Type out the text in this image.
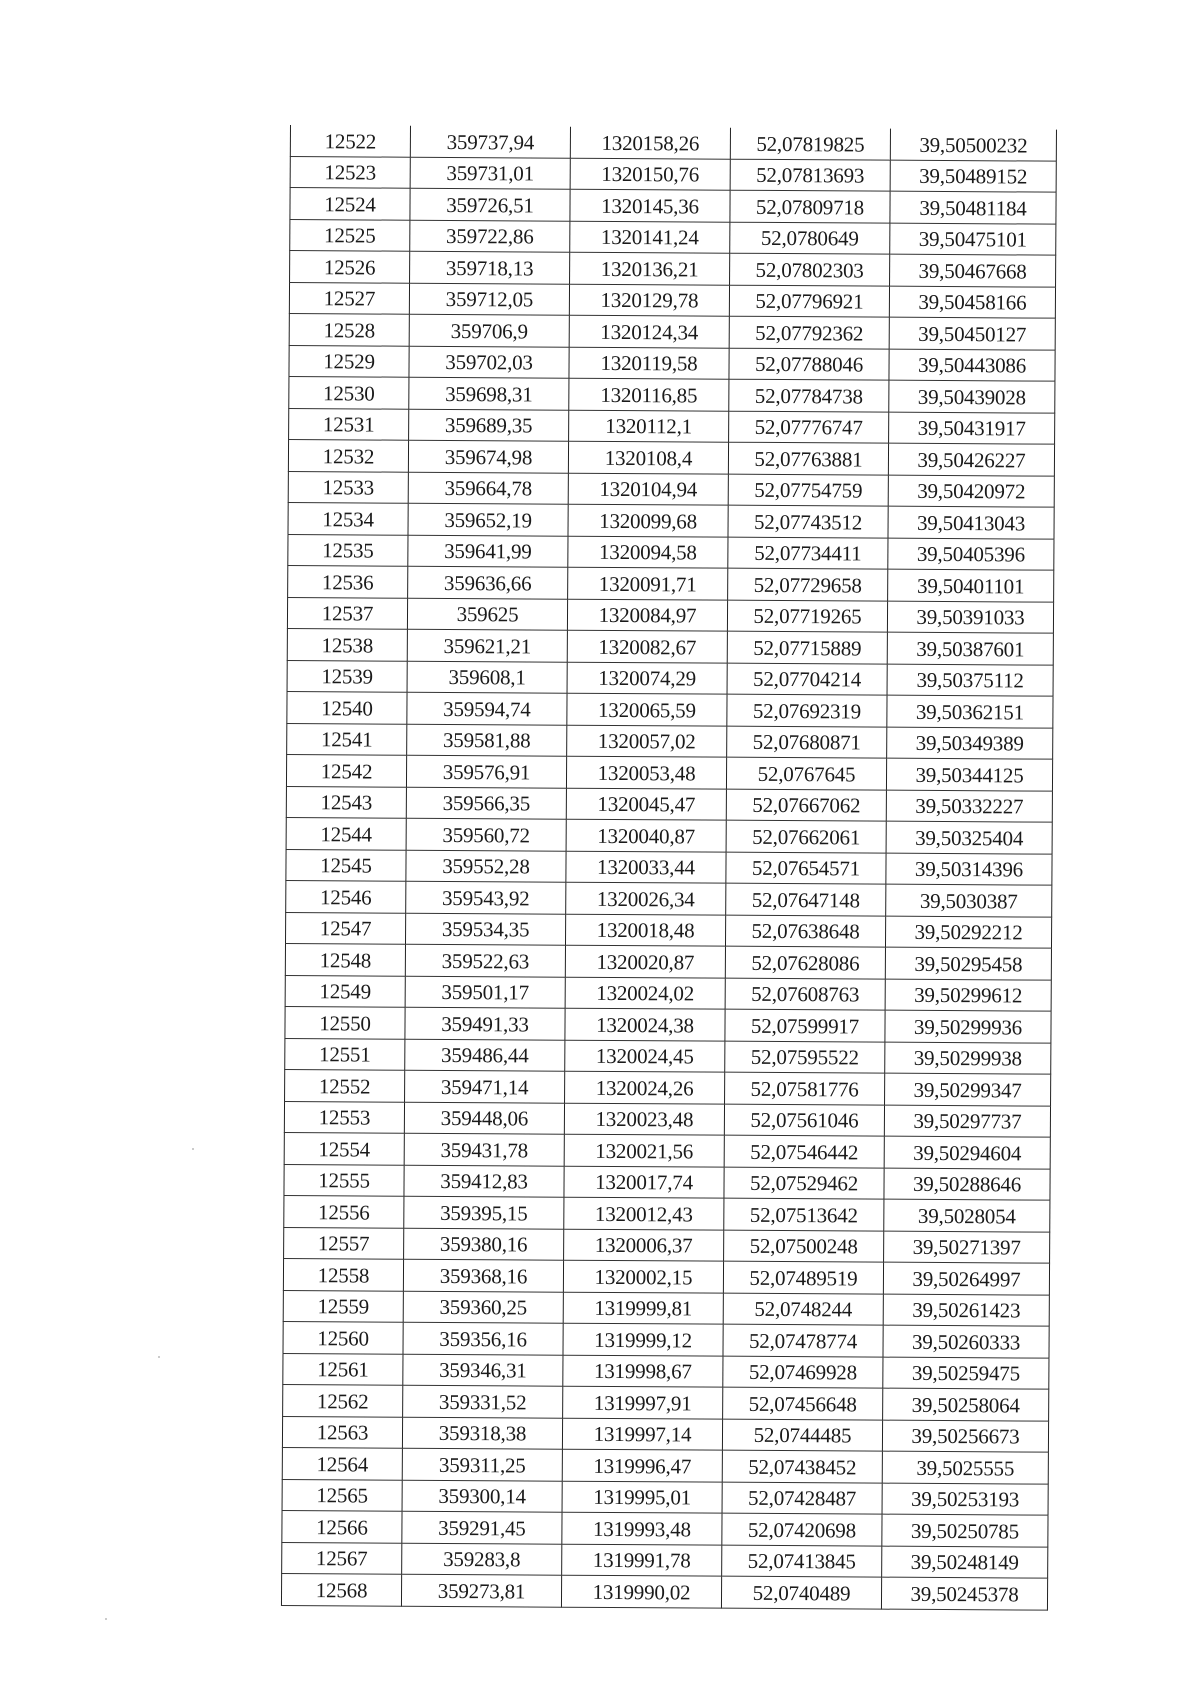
12522	359737,94	1320158,26	52,07819825	39,50500232
12523	359731,01	1320150,76	52,07813693	39,50489152
12524	359726,51	1320145,36	52,07809718	39,50481184
12525	359722,86	1320141,24	52,0780649	39,50475101
12526	359718,13	1320136,21	52,07802303	39,50467668
12527	359712,05	1320129,78	52,07796921	39,50458166
12528	359706,9	1320124,34	52,07792362	39,50450127
12529	359702,03	1320119,58	52,07788046	39,50443086
12530	359698,31	1320116,85	52,07784738	39,50439028
12531	359689,35	1320112,1	52,07776747	39,50431917
12532	359674,98	1320108,4	52,07763881	39,50426227
12533	359664,78	1320104,94	52,07754759	39,50420972
12534	359652,19	1320099,68	52,07743512	39,50413043
12535	359641,99	1320094,58	52,07734411	39,50405396
12536	359636,66	1320091,71	52,07729658	39,50401101
12537	359625	1320084,97	52,07719265	39,50391033
12538	359621,21	1320082,67	52,07715889	39,50387601
12539	359608,1	1320074,29	52,07704214	39,50375112
12540	359594,74	1320065,59	52,07692319	39,50362151
12541	359581,88	1320057,02	52,07680871	39,50349389
12542	359576,91	1320053,48	52,0767645	39,50344125
12543	359566,35	1320045,47	52,07667062	39,50332227
12544	359560,72	1320040,87	52,07662061	39,50325404
12545	359552,28	1320033,44	52,07654571	39,50314396
12546	359543,92	1320026,34	52,07647148	39,5030387
12547	359534,35	1320018,48	52,07638648	39,50292212
12548	359522,63	1320020,87	52,07628086	39,50295458
12549	359501,17	1320024,02	52,07608763	39,50299612
12550	359491,33	1320024,38	52,07599917	39,50299936
12551	359486,44	1320024,45	52,07595522	39,50299938
12552	359471,14	1320024,26	52,07581776	39,50299347
12553	359448,06	1320023,48	52,07561046	39,50297737
12554	359431,78	1320021,56	52,07546442	39,50294604
12555	359412,83	1320017,74	52,07529462	39,50288646
12556	359395,15	1320012,43	52,07513642	39,5028054
12557	359380,16	1320006,37	52,07500248	39,50271397
12558	359368,16	1320002,15	52,07489519	39,50264997
12559	359360,25	1319999,81	52,0748244	39,50261423
12560	359356,16	1319999,12	52,07478774	39,50260333
12561	359346,31	1319998,67	52,07469928	39,50259475
12562	359331,52	1319997,91	52,07456648	39,50258064
12563	359318,38	1319997,14	52,0744485	39,50256673
12564	359311,25	1319996,47	52,07438452	39,5025555
12565	359300,14	1319995,01	52,07428487	39,50253193
12566	359291,45	1319993,48	52,07420698	39,50250785
12567	359283,8	1319991,78	52,07413845	39,50248149
12568	359273,81	1319990,02	52,0740489	39,50245378
